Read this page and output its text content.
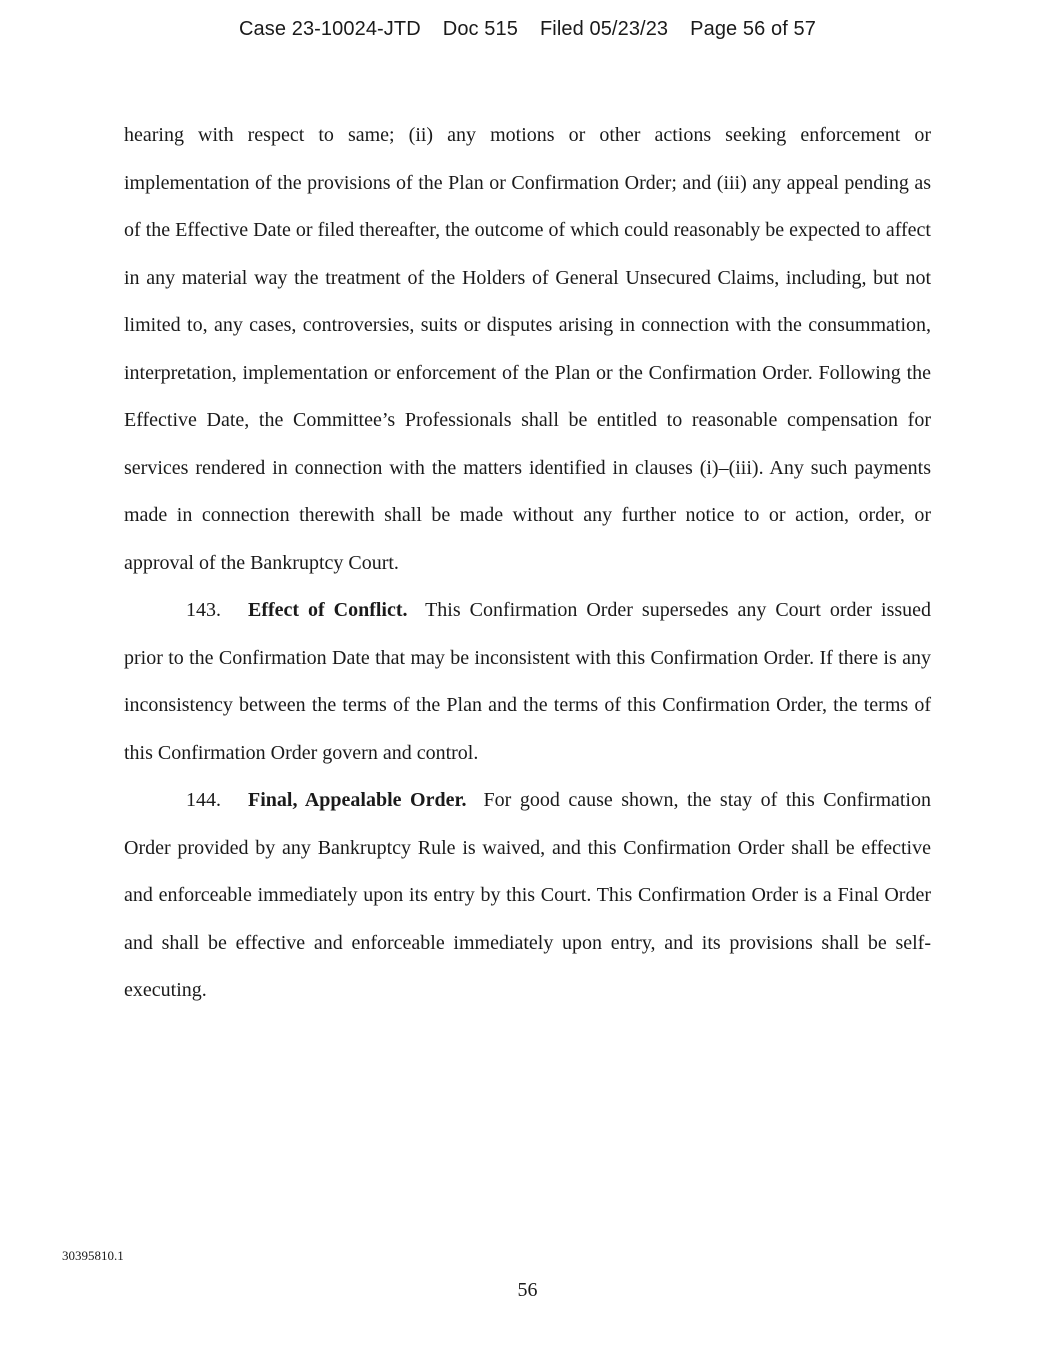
Case 23-10024-JTD Doc 515 Filed 05/23/23 Page 56 of 57

hearing with respect to same; (ii) any motions or other actions seeking enforcement or implementation of the provisions of the Plan or Confirmation Order; and (iii) any appeal pending as of the Effective Date or filed thereafter, the outcome of which could reasonably be expected to affect in any material way the treatment of the Holders of General Unsecured Claims, including, but not limited to, any cases, controversies, suits or disputes arising in connection with the consummation, interpretation, implementation or enforcement of the Plan or the Confirmation Order. Following the Effective Date, the Committee’s Professionals shall be entitled to reasonable compensation for services rendered in connection with the matters identified in clauses (i)–(iii). Any such payments made in connection therewith shall be made without any further notice to or action, order, or approval of the Bankruptcy Court.

143. Effect of Conflict. This Confirmation Order supersedes any Court order issued prior to the Confirmation Date that may be inconsistent with this Confirmation Order. If there is any inconsistency between the terms of the Plan and the terms of this Confirmation Order, the terms of this Confirmation Order govern and control.

144. Final, Appealable Order. For good cause shown, the stay of this Confirmation Order provided by any Bankruptcy Rule is waived, and this Confirmation Order shall be effective and enforceable immediately upon its entry by this Court. This Confirmation Order is a Final Order and shall be effective and enforceable immediately upon entry, and its provisions shall be self-executing.

30395810.1
56
